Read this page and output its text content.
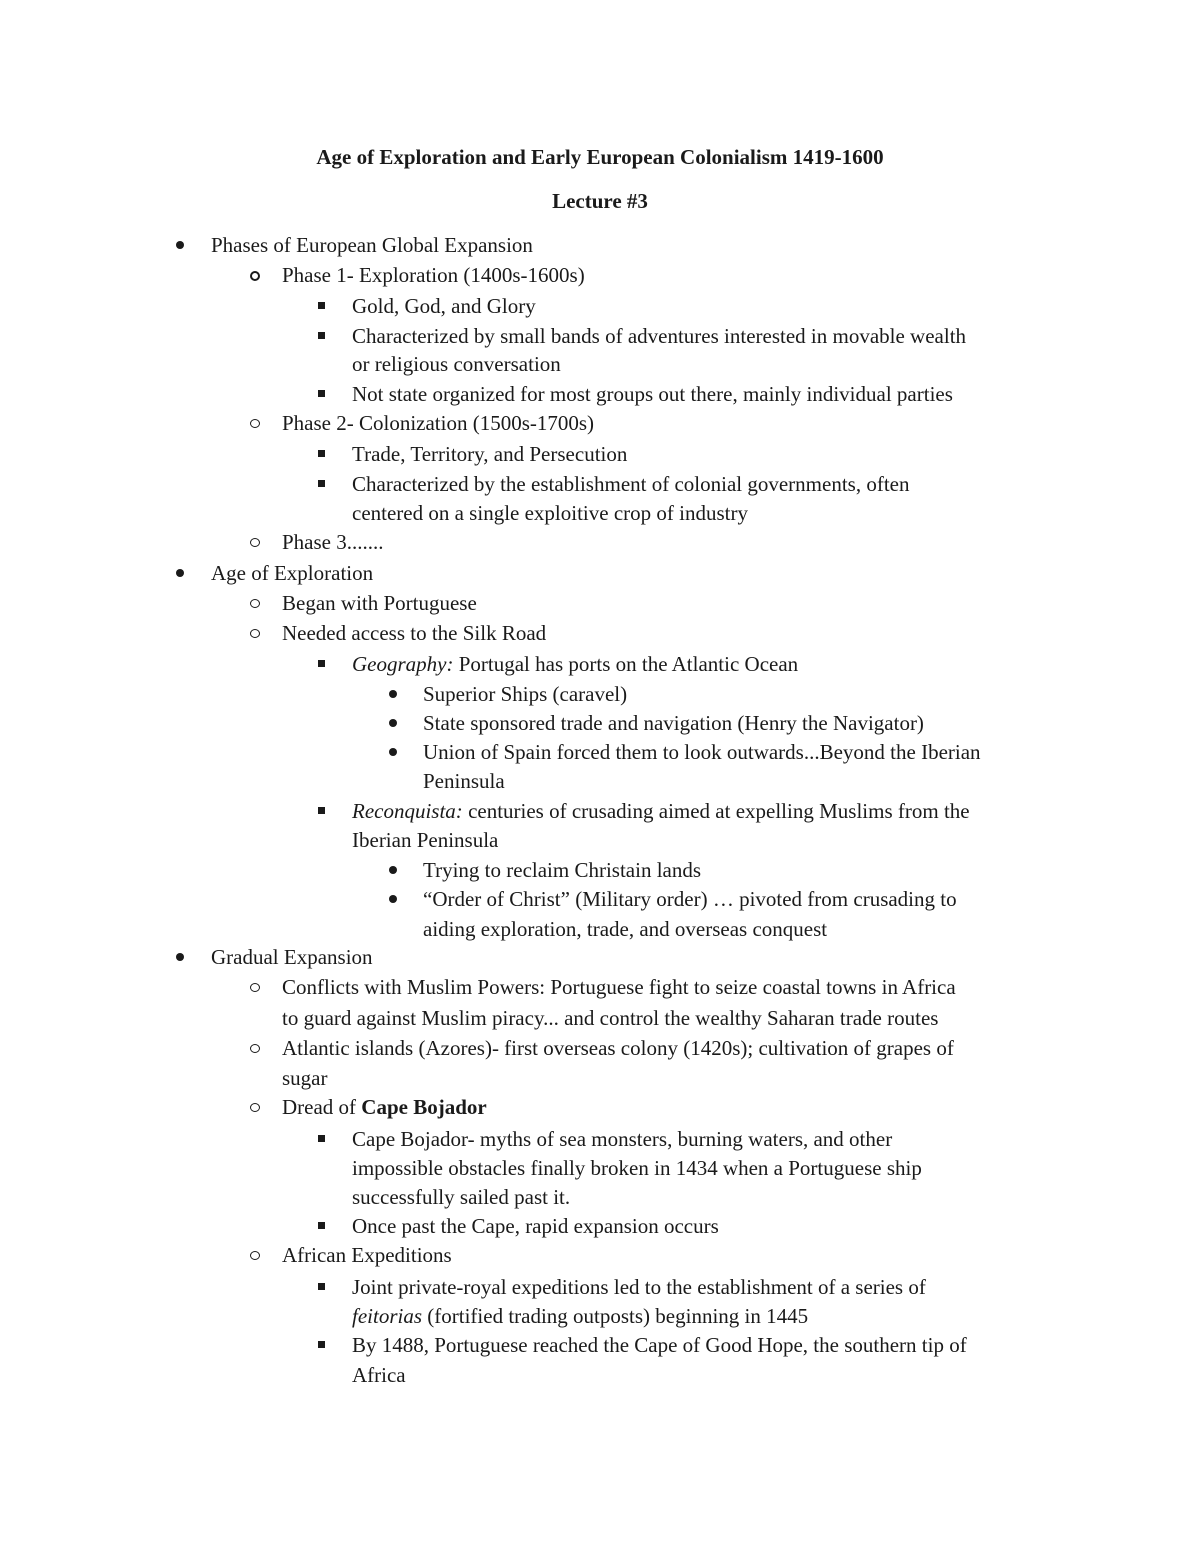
Age of Exploration and Early European Colonialism 1419-1600
Lecture #3
Phases of European Global Expansion
Phase 1- Exploration (1400s-1600s)
Gold, God, and Glory
Characterized by small bands of adventures interested in movable wealth
or religious conversation
Not state organized for most groups out there, mainly individual parties
Phase 2- Colonization (1500s-1700s)
Trade, Territory, and Persecution
Characterized by the establishment of colonial governments, often
centered on a single exploitive crop of industry
Phase 3.......
Age of Exploration
Began with Portuguese
Needed access to the Silk Road
Geography: Portugal has ports on the Atlantic Ocean
Superior Ships (caravel)
State sponsored trade and navigation (Henry the Navigator)
Union of Spain forced them to look outwards...Beyond the Iberian
Peninsula
Reconquista: centuries of crusading aimed at expelling Muslims from the
Iberian Peninsula
Trying to reclaim Christain lands
“Order of Christ” (Military order) … pivoted from crusading to
aiding exploration, trade, and overseas conquest
Gradual Expansion
Conflicts with Muslim Powers: Portuguese fight to seize coastal towns in Africa
to guard against Muslim piracy... and control the wealthy Saharan trade routes
Atlantic islands (Azores)- first overseas colony (1420s); cultivation of grapes of
sugar
Dread of Cape Bojador
Cape Bojador- myths of sea monsters, burning waters, and other
impossible obstacles finally broken in 1434 when a Portuguese ship
successfully sailed past it.
Once past the Cape, rapid expansion occurs
African Expeditions
Joint private-royal expeditions led to the establishment of a series of
feitorias (fortified trading outposts) beginning in 1445
By 1488, Portuguese reached the Cape of Good Hope, the southern tip of
Africa
